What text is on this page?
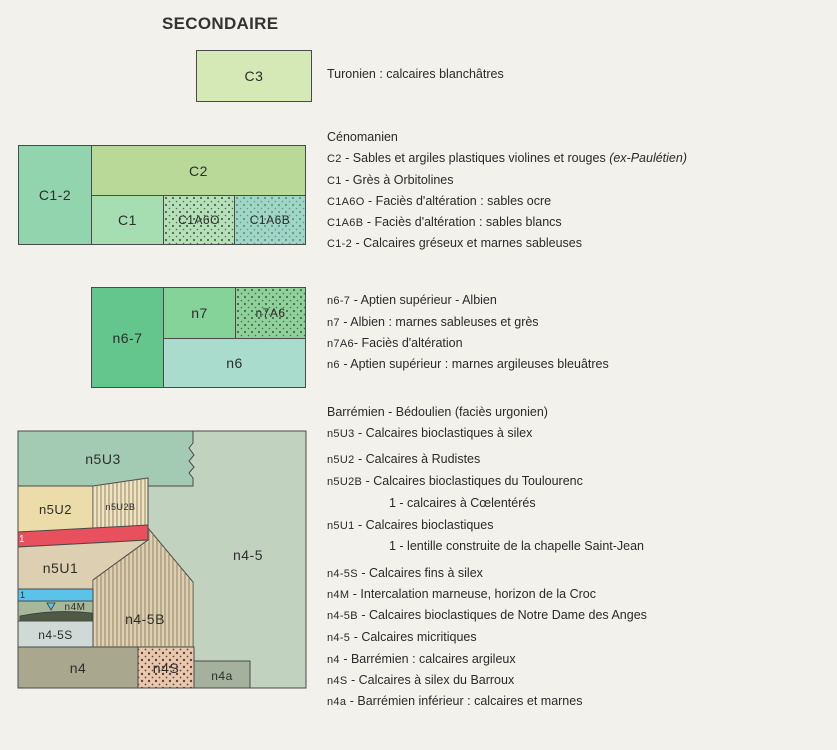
SECONDAIRE
C3
C1-2
C2
C1	C1A6O	C1A6B
n6-7
n7	n7A6
n6
n5U3
n5U2	n5U2B
1
n5U1
1
n4M
n4-5S
n4-5B
n4-5
n4	n4S	n4a
Turonien : calcaires blanchâtres
Cénomanien
C2 - Sables et argiles plastiques violines et rouges (ex-Paulétien)
C1 - Grès à Orbitolines
C1A6O - Faciès d'altération : sables ocre
C1A6B - Faciès d'altération : sables blancs
C1-2 - Calcaires gréseux et marnes sableuses
n6-7 - Aptien supérieur - Albien
n7 - Albien : marnes sableuses et grès
n7A6- Faciès d'altération
n6 - Aptien supérieur : marnes argileuses bleuâtres
Barrémien - Bédoulien (faciès urgonien)
n5U3 - Calcaires bioclastiques à silex
n5U2 - Calcaires à Rudistes
n5U2B - Calcaires bioclastiques du Toulourenc
1 - calcaires à Cœlentérés
n5U1 - Calcaires bioclastiques
1 - lentille construite de la chapelle Saint-Jean
n4-5S - Calcaires fins à silex
n4M - Intercalation marneuse, horizon de la Croc
n4-5B - Calcaires bioclastiques de Notre Dame des Anges
n4-5 - Calcaires micritiques
n4 - Barrémien : calcaires argileux
n4S - Calcaires à silex du Barroux
n4a - Barrémien inférieur : calcaires et marnes
